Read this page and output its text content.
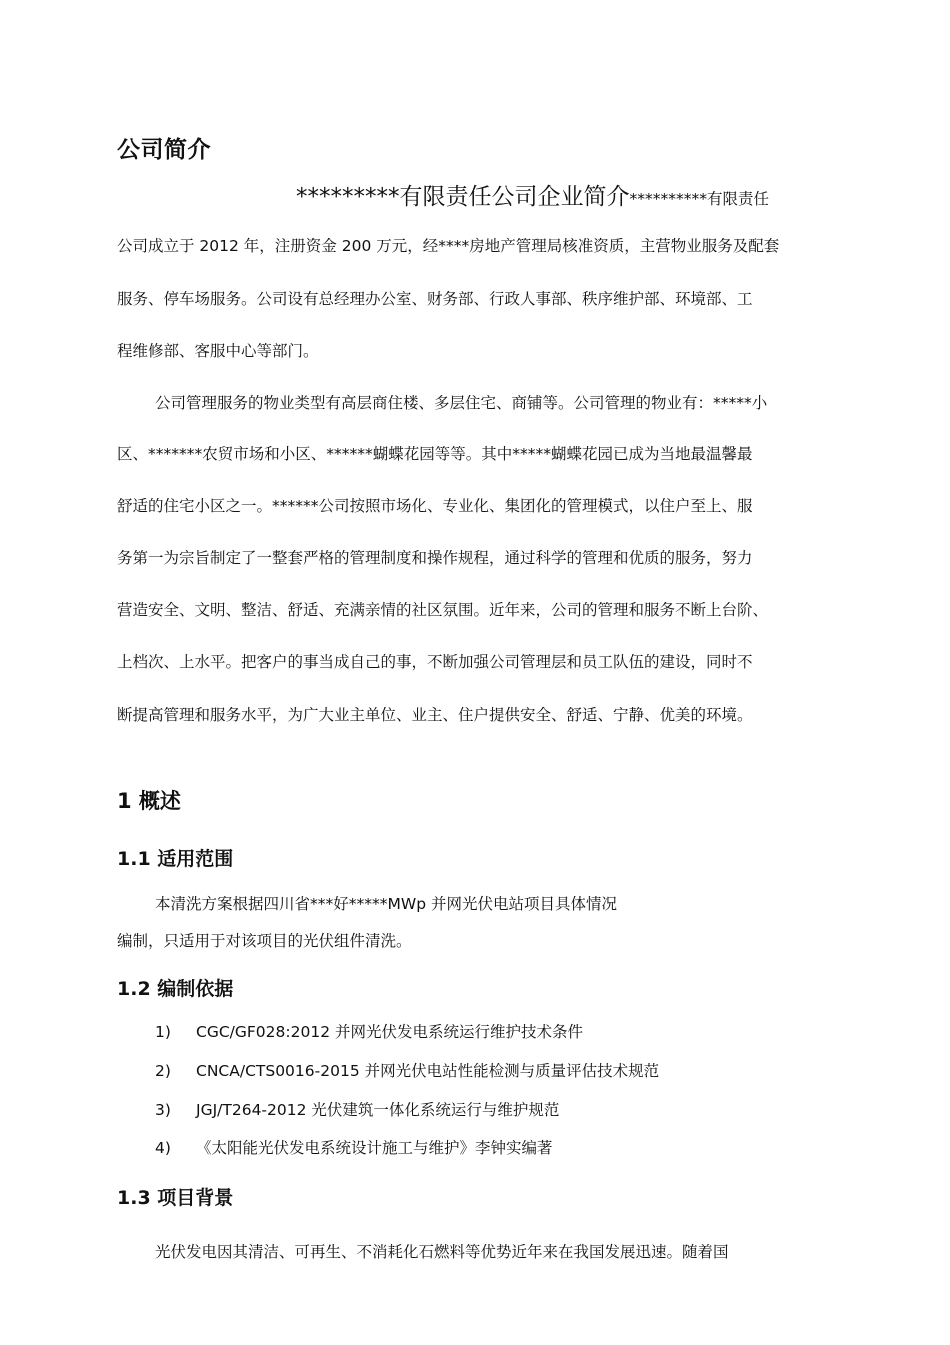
公司简介
*********有限责任公司企业简介**********有限责任
公司成立于 2012 年，注册资金 200 万元，经****房地产管理局核准资质，主营物业服务及配套
服务、停车场服务。公司设有总经理办公室、财务部、行政人事部、秩序维护部、环境部、工
程维修部、客服中心等部门。
公司管理服务的物业类型有高层商住楼、多层住宅、商铺等。公司管理的物业有：*****小
区、*******农贸市场和小区、******蝴蝶花园等等。其中*****蝴蝶花园已成为当地最温馨最
舒适的住宅小区之一。******公司按照市场化、专业化、集团化的管理模式，以住户至上、服
务第一为宗旨制定了一整套严格的管理制度和操作规程，通过科学的管理和优质的服务，努力
营造安全、文明、整洁、舒适、充满亲情的社区氛围。近年来，公司的管理和服务不断上台阶、
上档次、上水平。把客户的事当成自己的事，不断加强公司管理层和员工队伍的建设，同时不
断提高管理和服务水平，为广大业主单位、业主、住户提供安全、舒适、宁静、优美的环境。
1 概述
1.1 适用范围
本清洗方案根据四川省***好*****MWp 并网光伏电站项目具体情况
编制，只适用于对该项目的光伏组件清洗。
1.2 编制依据
1) CGC/GF028:2012 并网光伏发电系统运行维护技术条件
2) CNCA/CTS0016-2015 并网光伏电站性能检测与质量评估技术规范
3) JGJ/T264-2012 光伏建筑一体化系统运行与维护规范
4) 《太阳能光伏发电系统设计施工与维护》李钟实编著
1.3 项目背景
光伏发电因其清洁、可再生、不消耗化石燃料等优势近年来在我国发展迅速。随着国
